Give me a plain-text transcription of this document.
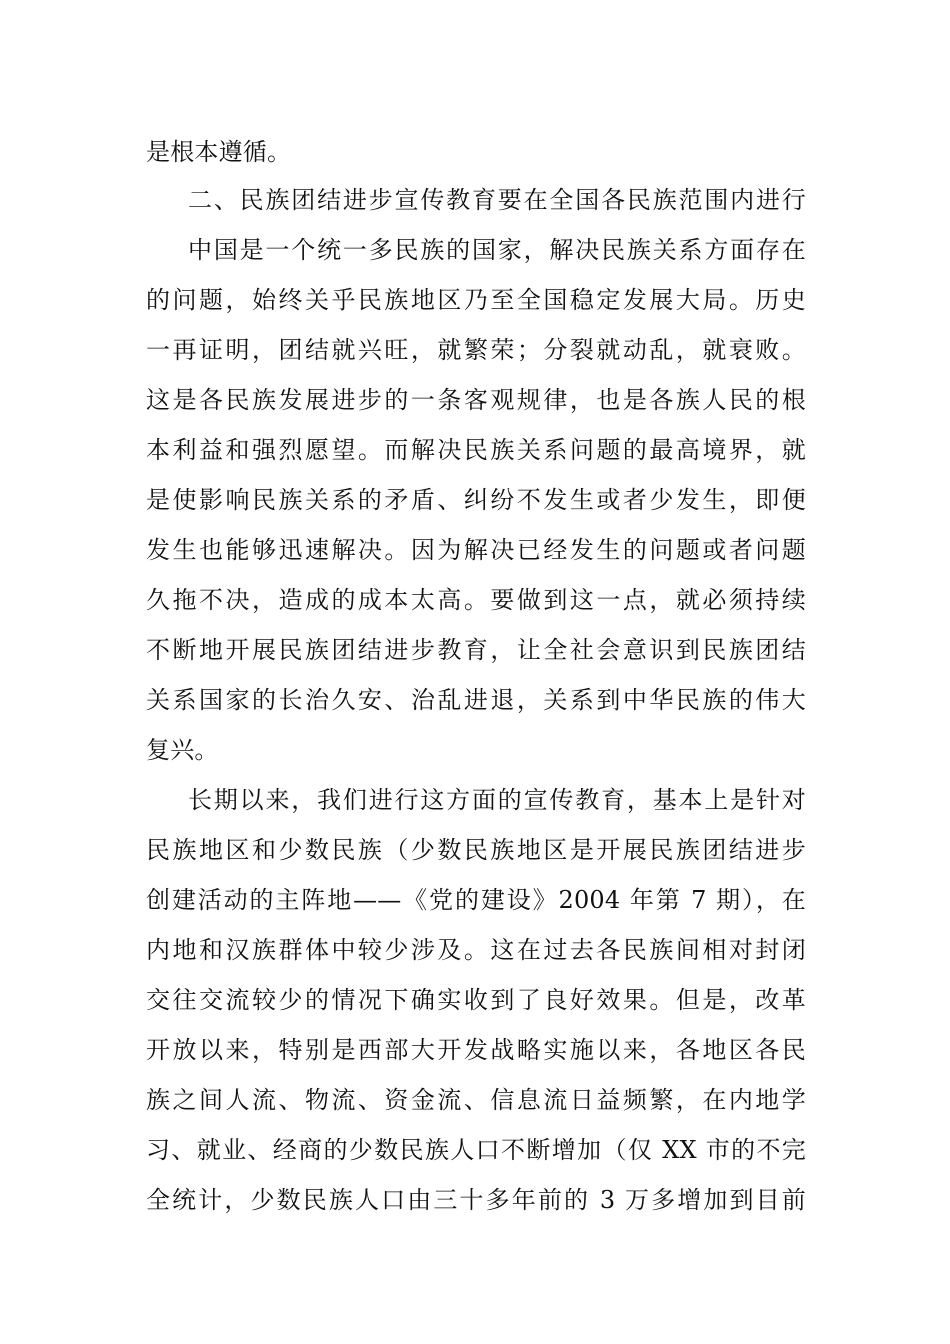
是根本遵循。
二、民族团结进步宣传教育要在全国各民族范围内进行
中国是一个统一多民族的国家，解决民族关系方面存在
的问题，始终关乎民族地区乃至全国稳定发展大局。历史
一再证明，团结就兴旺，就繁荣；分裂就动乱，就衰败。
这是各民族发展进步的一条客观规律，也是各族人民的根
本利益和强烈愿望。而解决民族关系问题的最高境界，就
是使影响民族关系的矛盾、纠纷不发生或者少发生，即便
发生也能够迅速解决。因为解决已经发生的问题或者问题
久拖不决，造成的成本太高。要做到这一点，就必须持续
不断地开展民族团结进步教育，让全社会意识到民族团结
关系国家的长治久安、治乱进退，关系到中华民族的伟大
复兴。
长期以来，我们进行这方面的宣传教育，基本上是针对
民族地区和少数民族（少数民族地区是开展民族团结进步
创建活动的主阵地——《党的建设》2004 年第 7 期），在
内地和汉族群体中较少涉及。这在过去各民族间相对封闭
交往交流较少的情况下确实收到了良好效果。但是，改革
开放以来，特别是西部大开发战略实施以来，各地区各民
族之间人流、物流、资金流、信息流日益频繁，在内地学
习、就业、经商的少数民族人口不断增加（仅 XX 市的不完
全统计，少数民族人口由三十多年前的 3 万多增加到目前
